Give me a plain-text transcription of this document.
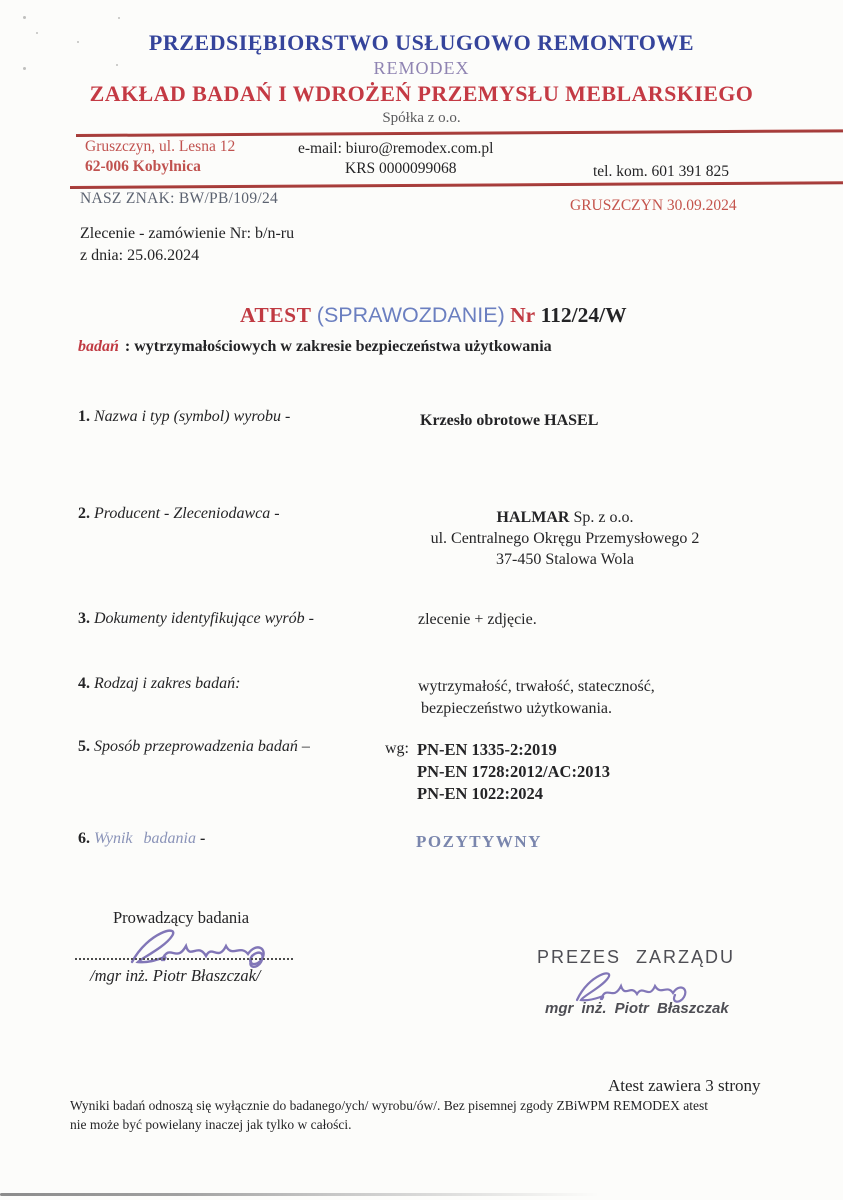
PRZEDSIĘBIORSTWO USŁUGOWO REMONTOWE
REMODEX
ZAKŁAD BADAŃ I WDROŻEŃ PRZEMYSŁU MEBLARSKIEGO
Spółka z o.o.
Gruszczyn, ul. Lesna 12
62-006 Kobylnica
e-mail: biuro@remodex.com.pl
KRS 0000099068	tel. kom. 601 391 825
NASZ ZNAK: BW/PB/109/24	GRUSZCZYN 30.09.2024
Zlecenie - zamówienie Nr: b/n-ru
z dnia: 25.06.2024
ATEST (SPRAWOZDANIE) Nr 112/24/W
badań : wytrzymałościowych w zakresie bezpieczeństwa użytkowania
1. Nazwa i typ (symbol) wyrobu -	Krzesło obrotowe HASEL
2. Producent - Zleceniodawca -	HALMAR Sp. z o.o.
ul. Centralnego Okręgu Przemysłowego 2
37-450 Stalowa Wola
3. Dokumenty identyfikujące wyrób -	zlecenie + zdjęcie.
4. Rodzaj i zakres badań:	wytrzymałość, trwałość, stateczność,
bezpieczeństwo użytkowania.
5. Sposób przeprowadzenia badań –	wg: PN-EN 1335-2:2019
PN-EN 1728:2012/AC:2013
PN-EN 1022:2024
6. Wynik badania -	POZYTYWNY
Prowadzący badania
/mgr inż. Piotr Błaszczak/
PREZES ZARZĄDU
mgr inż. Piotr Błaszczak
Atest zawiera 3 strony
Wyniki badań odnoszą się wyłącznie do badanego/ych/ wyrobu/ów/. Bez pisemnej zgody ZBiWPM REMODEX atest
nie może być powielany inaczej jak tylko w całości.
